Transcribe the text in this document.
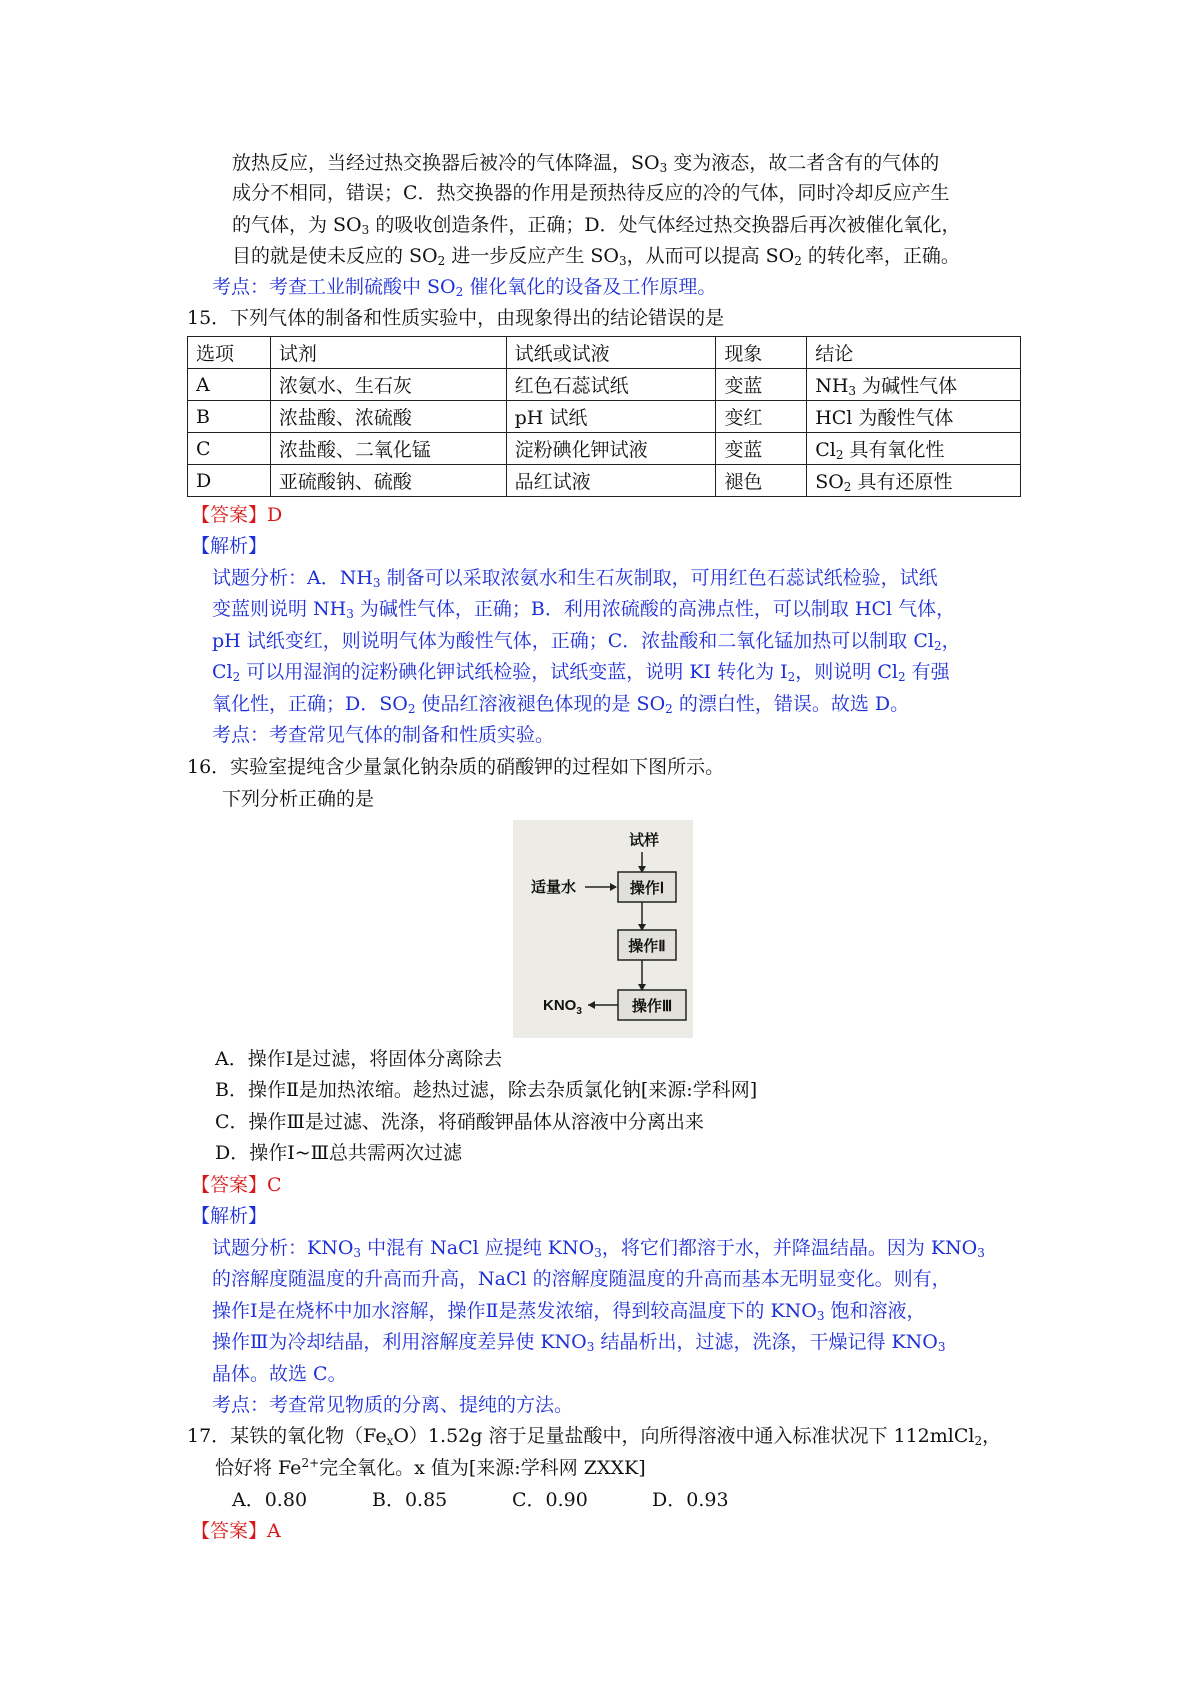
放热反应，当经过热交换器后被冷的气体降温，$SO_3$ 变为液态，故二者含有的气体的
成分不相同，错误；C．热交换器的作用是预热待反应的冷的气体，同时冷却反应产生
的气体，为 $SO_3$ 的吸收创造条件，正确；D．处气体经过热交换器后再次被催化氧化，
目的就是使未反应的 $SO_2$ 进一步反应产生 $SO_3$，从而可以提高 $SO_2$ 的转化率，正确。
考点：考查工业制硫酸中 $SO_2$ 催化氧化的设备及工作原理。
15．下列气体的制备和性质实验中，由现象得出的结论错误的是
选项	试剂	试纸或试液	现象	结论
A	浓氨水、生石灰	红色石蕊试纸	变蓝	$NH_3$ 为碱性气体
B	浓盐酸、浓硫酸	pH 试纸	变红	HCl 为酸性气体
C	浓盐酸、二氧化锰	淀粉碘化钾试液	变蓝	$Cl_2$ 具有氧化性
D	亚硫酸钠、硫酸	品红试液	褪色	$SO_2$ 具有还原性
【答案】D
【解析】
试题分析：A．$NH_3$ 制备可以采取浓氨水和生石灰制取，可用红色石蕊试纸检验，试纸
变蓝则说明 $NH_3$ 为碱性气体，正确；B．利用浓硫酸的高沸点性，可以制取 HCl 气体，
pH 试纸变红，则说明气体为酸性气体，正确；C．浓盐酸和二氧化锰加热可以制取 $Cl_2$，
$Cl_2$ 可以用湿润的淀粉碘化钾试纸检验，试纸变蓝，说明 KI 转化为 $I_2$，则说明 $Cl_2$ 有强
氧化性，正确；D．$SO_2$ 使品红溶液褪色体现的是 $SO_2$ 的漂白性，错误。故选 D。
考点：考查常见气体的制备和性质实验。
16．实验室提纯含少量氯化钠杂质的硝酸钾的过程如下图所示。
下列分析正确的是
试样
适量水	操作Ⅰ
操作Ⅱ
操作Ⅲ
$KNO_3$
A．操作Ⅰ是过滤，将固体分离除去
B．操作Ⅱ是加热浓缩。趁热过滤，除去杂质氯化钠[来源:学科网]
C．操作Ⅲ是过滤、洗涤，将硝酸钾晶体从溶液中分离出来
D．操作Ⅰ~Ⅲ总共需两次过滤
【答案】C
【解析】
试题分析：$KNO_3$ 中混有 NaCl 应提纯 $KNO_3$，将它们都溶于水，并降温结晶。因为 $KNO_3$
的溶解度随温度的升高而升高，NaCl 的溶解度随温度的升高而基本无明显变化。则有，
操作Ⅰ是在烧杯中加水溶解，操作Ⅱ是蒸发浓缩，得到较高温度下的 $KNO_3$ 饱和溶液，
操作Ⅲ为冷却结晶，利用溶解度差异使 $KNO_3$ 结晶析出，过滤，洗涤，干燥记得 $KNO_3$
晶体。故选 C。
考点：考查常见物质的分离、提纯的方法。
17．某铁的氧化物$(Fe_xO)1.52g$ 溶于足量盐酸中，向所得溶液中通入标准状况下 112mlCl$_2$，
恰好将 $Fe^{2+}$完全氧化。x 值为[来源:学科网 ZXXK]
A．0.80	B．0.85	C．0.90	D．0.93
【答案】A
